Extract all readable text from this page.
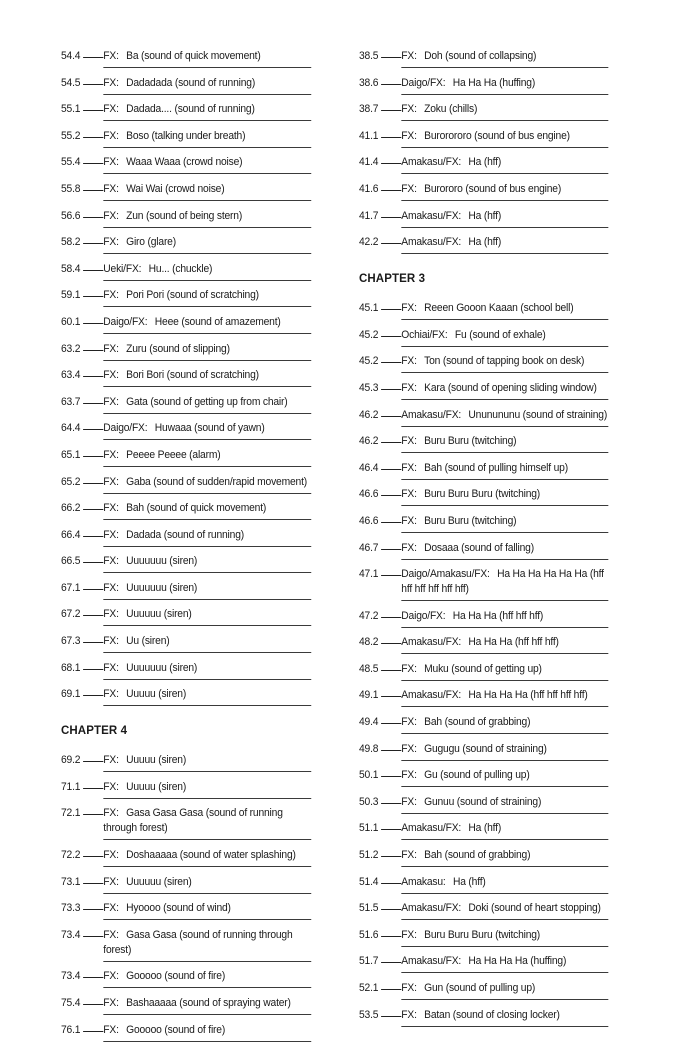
54.4 FX: Ba (sound of quick movement)
54.5 FX: Dadadada (sound of running)
55.1 FX: Dadada.... (sound of running)
55.2 FX: Boso (talking under breath)
55.4 FX: Waaa Waaa (crowd noise)
55.8 FX: Wai Wai (crowd noise)
56.6 FX: Zun (sound of being stern)
58.2 FX: Giro (glare)
58.4 Ueki/FX: Hu... (chuckle)
59.1 FX: Pori Pori (sound of scratching)
60.1 Daigo/FX: Heee (sound of amazement)
63.2 FX: Zuru (sound of slipping)
63.4 FX: Bori Bori (sound of scratching)
63.7 FX: Gata (sound of getting up from chair)
64.4 Daigo/FX: Huwaaa (sound of yawn)
65.1 FX: Peeee Peeee (alarm)
65.2 FX: Gaba (sound of sudden/rapid movement)
66.2 FX: Bah (sound of quick movement)
66.4 FX: Dadada (sound of running)
66.5 FX: Uuuuuuu (siren)
67.1 FX: Uuuuuuu (siren)
67.2 FX: Uuuuuu (siren)
67.3 FX: Uu (siren)
68.1 FX: Uuuuuuu (siren)
69.1 FX: Uuuuu (siren)
CHAPTER 4
69.2 FX: Uuuuu (siren)
71.1 FX: Uuuuu (siren)
72.1 FX: Gasa Gasa Gasa (sound of running through forest)
72.2 FX: Doshaaaaa (sound of water splashing)
73.1 FX: Uuuuuu (siren)
73.3 FX: Hyoooo (sound of wind)
73.4 FX: Gasa Gasa (sound of running through forest)
73.4 FX: Gooooo (sound of fire)
75.4 FX: Bashaaaaa (sound of spraying water)
76.1 FX: Gooooo (sound of fire)
38.5 FX: Doh (sound of collapsing)
38.6 Daigo/FX: Ha Ha Ha (huffing)
38.7 FX: Zoku (chills)
41.1 FX: Burorororo (sound of bus engine)
41.4 Amakasu/FX: Ha (hff)
41.6 FX: Burororo (sound of bus engine)
41.7 Amakasu/FX: Ha (hff)
42.2 Amakasu/FX: Ha (hff)
CHAPTER 3
45.1 FX: Reeen Gooon Kaaan (school bell)
45.2 Ochiai/FX: Fu (sound of exhale)
45.2 FX: Ton (sound of tapping book on desk)
45.3 FX: Kara (sound of opening sliding window)
46.2 Amakasu/FX: Ununununu (sound of straining)
46.2 FX: Buru Buru (twitching)
46.4 FX: Bah (sound of pulling himself up)
46.6 FX: Buru Buru Buru (twitching)
46.6 FX: Buru Buru (twitching)
46.7 FX: Dosaaa (sound of falling)
47.1 Daigo/Amakasu/FX: Ha Ha Ha Ha Ha Ha (hff hff hff hff hff hff)
47.2 Daigo/FX: Ha Ha Ha (hff hff hff)
48.2 Amakasu/FX: Ha Ha Ha (hff hff hff)
48.5 FX: Muku (sound of getting up)
49.1 Amakasu/FX: Ha Ha Ha Ha (hff hff hff hff)
49.4 FX: Bah (sound of grabbing)
49.8 FX: Gugugu (sound of straining)
50.1 FX: Gu (sound of pulling up)
50.3 FX: Gunuu (sound of straining)
51.1 Amakasu/FX: Ha (hff)
51.2 FX: Bah (sound of grabbing)
51.4 Amakasu: Ha (hff)
51.5 Amakasu/FX: Doki (sound of heart stopping)
51.6 FX: Buru Buru Buru (twitching)
51.7 Amakasu/FX: Ha Ha Ha Ha (huffing)
52.1 FX: Gun (sound of pulling up)
53.5 FX: Batan (sound of closing locker)
